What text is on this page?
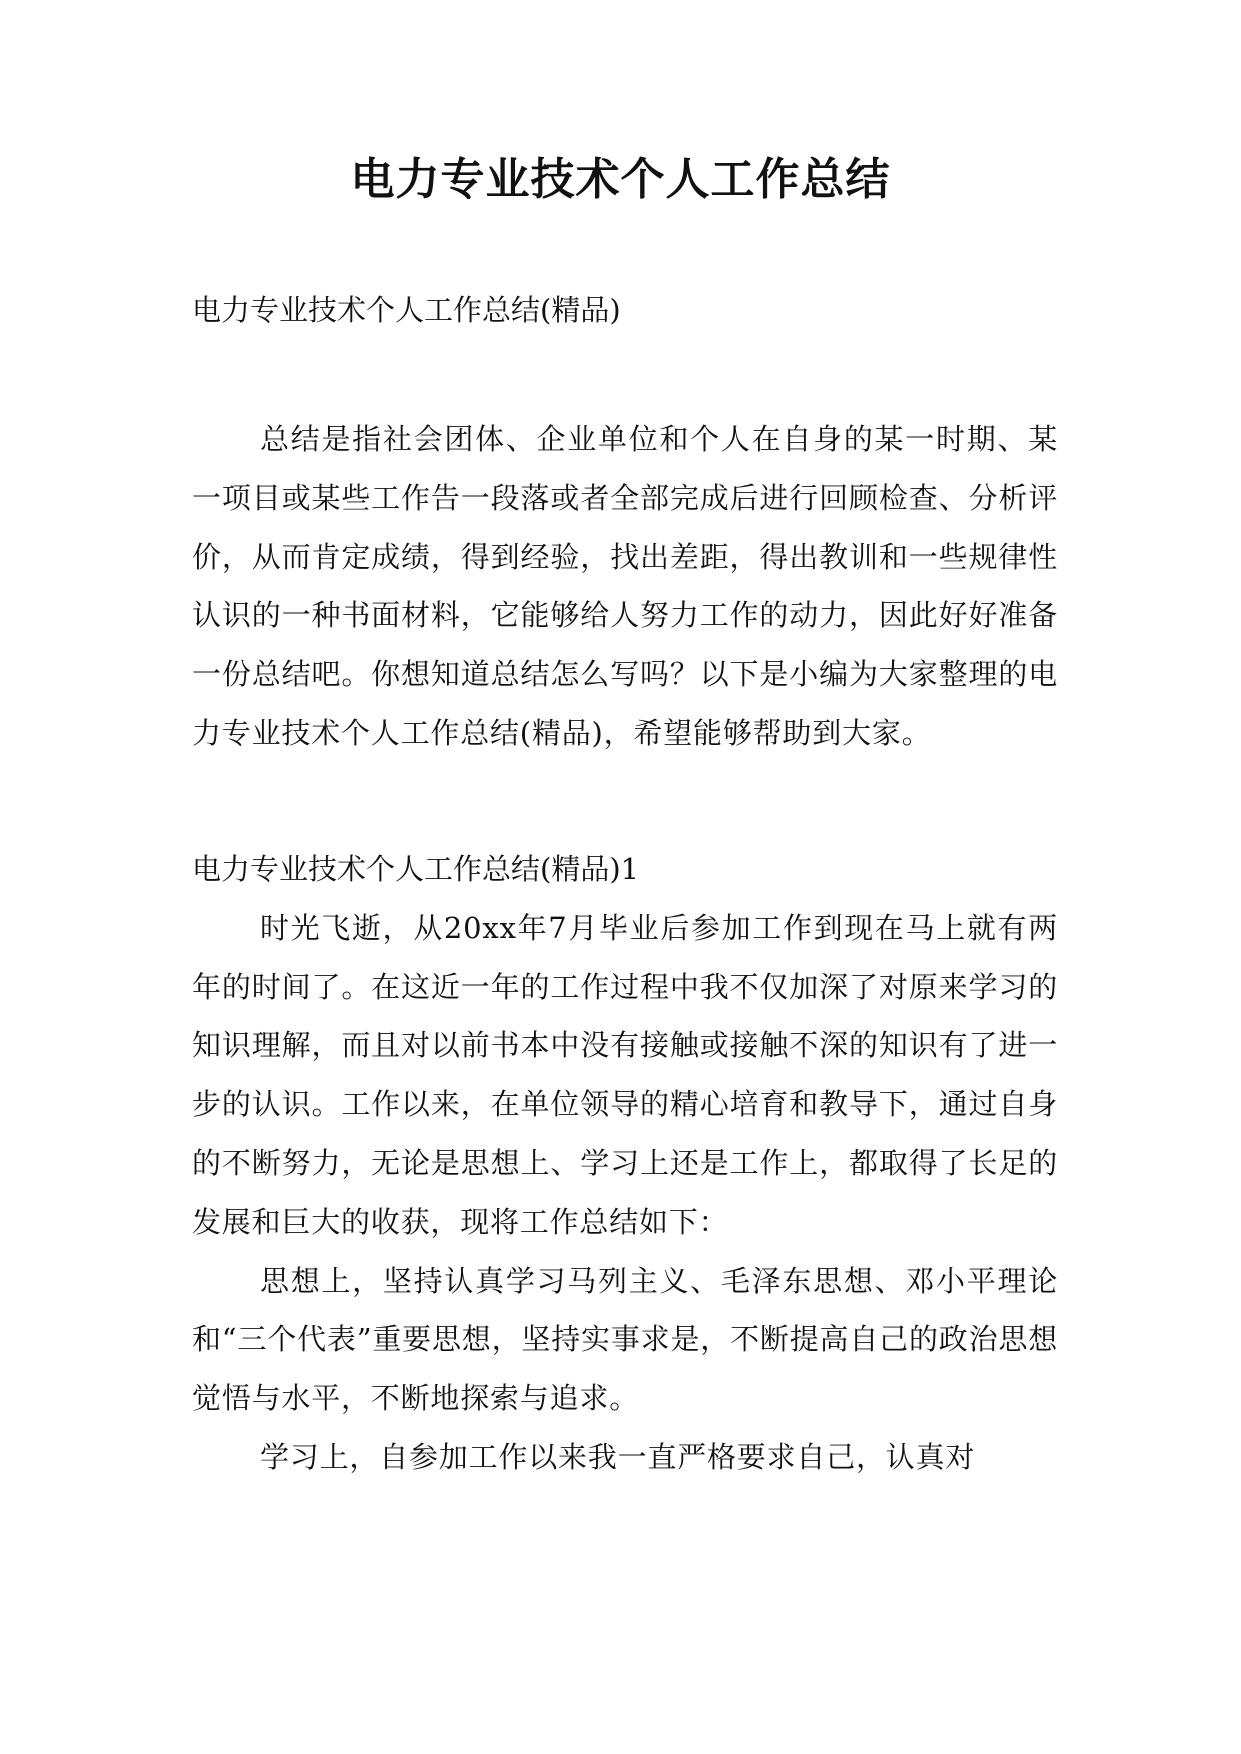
电力专业技术个人工作总结

电力专业技术个人工作总结(精品)

总结是指社会团体、企业单位和个人在自身的某一时期、某一项目或某些工作告一段落或者全部完成后进行回顾检查、分析评价，从而肯定成绩，得到经验，找出差距，得出教训和一些规律性认识的一种书面材料，它能够给人努力工作的动力，因此好好准备一份总结吧。你想知道总结怎么写吗？以下是小编为大家整理的电力专业技术个人工作总结(精品)，希望能够帮助到大家。

电力专业技术个人工作总结(精品)1

时光飞逝，从20xx年7月毕业后参加工作到现在马上就有两年的时间了。在这近一年的工作过程中我不仅加深了对原来学习的知识理解，而且对以前书本中没有接触或接触不深的知识有了进一步的认识。工作以来，在单位领导的精心培育和教导下，通过自身的不断努力，无论是思想上、学习上还是工作上，都取得了长足的发展和巨大的收获，现将工作总结如下：

思想上，坚持认真学习马列主义、毛泽东思想、邓小平理论和“三个代表”重要思想，坚持实事求是，不断提高自己的政治思想觉悟与水平，不断地探索与追求。

学习上，自参加工作以来我一直严格要求自己，认真对
